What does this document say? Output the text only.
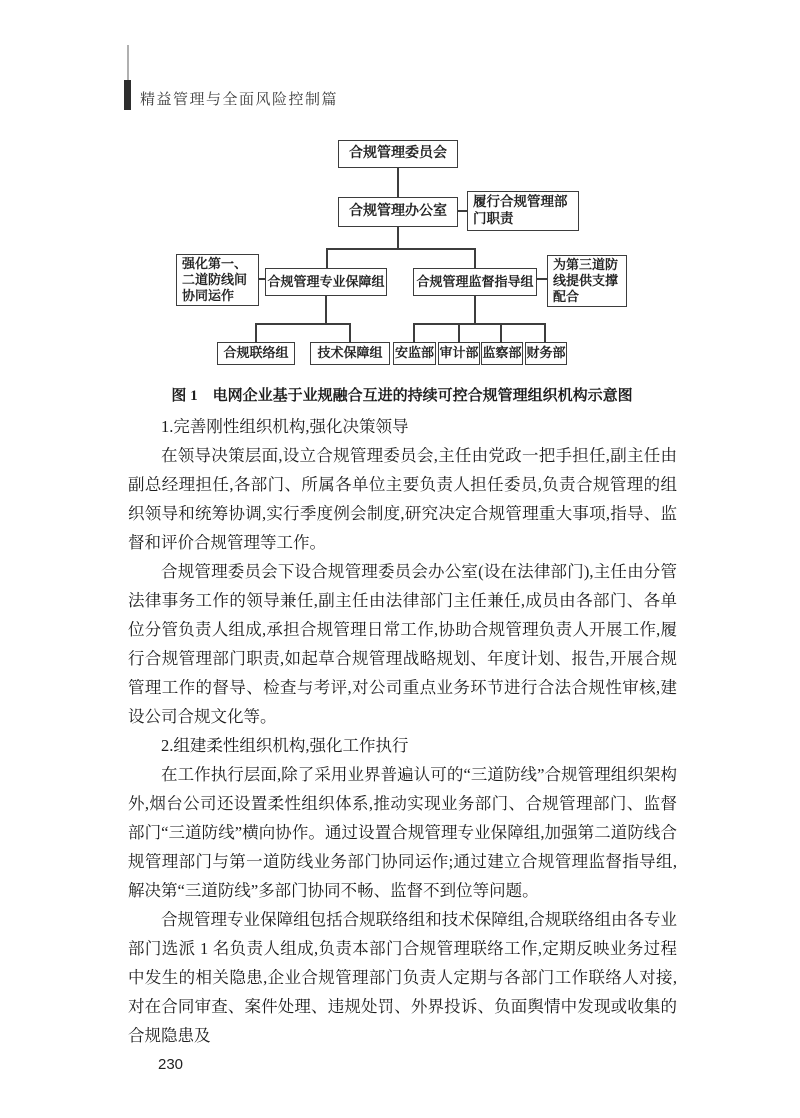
精益管理与全面风险控制篇
合规管理委员会
合规管理办公室
履行合规管理部门职责
强化第一、二道防线间协同运作
合规管理专业保障组 合规管理监督指导组
为第三道防线提供支撑配合
合规联络组	技术保障组 安监部 审计部 监察部 财务部
图 1　电网企业基于业规融合互进的持续可控合规管理组织机构示意图

1.完善刚性组织机构,强化决策领导

在领导决策层面,设立合规管理委员会,主任由党政一把手担任,副主任由副总经理担任,各部门、所属各单位主要负责人担任委员,负责合规管理的组织领导和统筹协调,实行季度例会制度,研究决定合规管理重大事项,指导、监督和评价合规管理等工作。

合规管理委员会下设合规管理委员会办公室(设在法律部门),主任由分管法律事务工作的领导兼任,副主任由法律部门主任兼任,成员由各部门、各单位分管负责人组成,承担合规管理日常工作,协助合规管理负责人开展工作,履行合规管理部门职责,如起草合规管理战略规划、年度计划、报告,开展合规管理工作的督导、检查与考评,对公司重点业务环节进行合法合规性审核,建设公司合规文化等。

2.组建柔性组织机构,强化工作执行

在工作执行层面,除了采用业界普遍认可的“三道防线”合规管理组织架构外,烟台公司还设置柔性组织体系,推动实现业务部门、合规管理部门、监督部门“三道防线”横向协作。通过设置合规管理专业保障组,加强第二道防线合规管理部门与第一道防线业务部门协同运作;通过建立合规管理监督指导组,解决第“三道防线”多部门协同不畅、监督不到位等问题。

合规管理专业保障组包括合规联络组和技术保障组,合规联络组由各专业部门选派 1 名负责人组成,负责本部门合规管理联络工作,定期反映业务过程中发生的相关隐患,企业合规管理部门负责人定期与各部门工作联络人对接,对在合同审查、案件处理、违规处罚、外界投诉、负面舆情中发现或收集的合规隐患及

230
